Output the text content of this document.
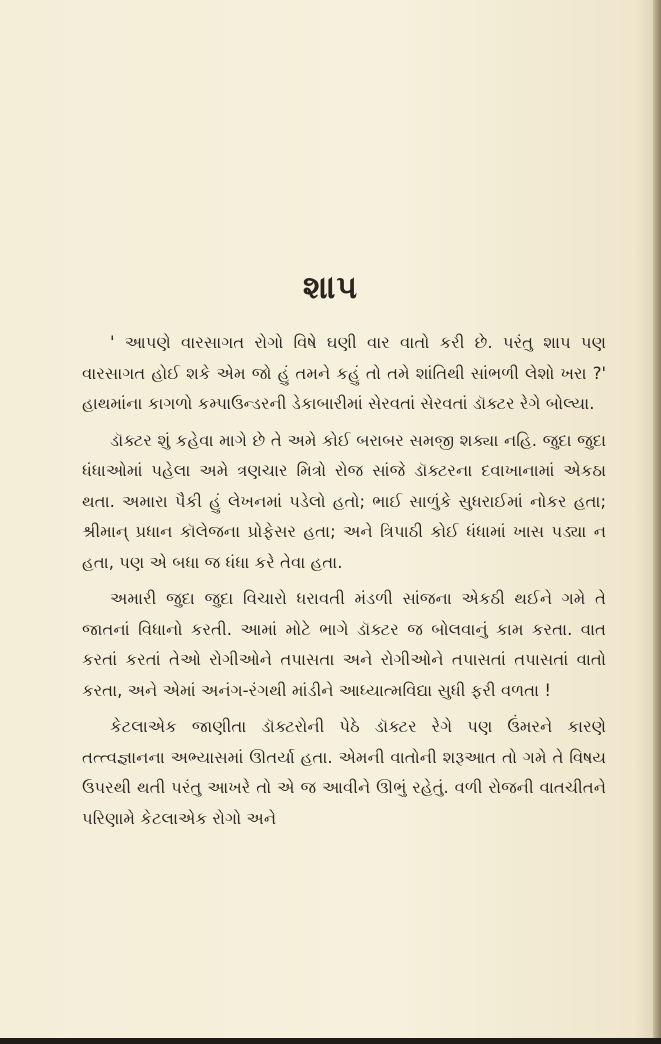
શાપ

' આપણે વારસાગત રોગો વિષે ઘણી વાર વાતો કરી છે. પરંતુ શાપ પણ વારસાગત હોઈ શકે એમ જો હું તમને કહું તો તમે શાંતિથી સાંભળી લેશો ખરા ?' હાથમાંના કાગળો કમ્પાઉન્ડરની ડેકાબારીમાં સેરવતાં સેરવતાં ડૉક્ટર રેગે બોલ્યા.

ડૉક્ટર શું કહેવા માગે છે તે અમે કોઈ બરાબર સમજી શક્યા નહિ. જુદા જુદા ધંધાઓમાં પહેલા અમે ત્રણચાર મિત્રો રોજ સાંજે ડૉક્ટરના દવાખાનામાં એકઠા થતા. અમારા પૈકી હું લેખનમાં પડેલો હતો; ભાઈ સાળુંકે સુધરાઈમાં નોકર હતા; શ્રીમાન્ પ્રધાન કૉલેજના પ્રોફેસર હતા; અને ત્રિપાઠી કોઈ ધંધામાં ખાસ પડ્યા ન હતા, પણ એ બધા જ ધંધા કરે તેવા હતા.

અમારી જુદા જુદા વિચારો ધરાવતી મંડળી સાંજના એકઠી થઈને ગમે તે જાતનાં વિધાનો કરતી. આમાં મોટે ભાગે ડૉક્ટર જ બોલવાનું કામ કરતા. વાત કરતાં કરતાં તેઓ રોગીઓને તપાસતા અને રોગીઓને તપાસતાં તપાસતાં વાતો કરતા, અને એમાં અનંગ-રંગથી માંડીને આધ્યાત્મવિદ્યા સુધી ફરી વળતા !

કેટલાએક જાણીતા ડૉક્ટરોની પેઠે ડૉક્ટર રેગે પણ ઉંમરને કારણે તત્ત્વજ્ઞાનના અભ્યાસમાં ઊતર્યા હતા. એમની વાતોની શરૂઆત તો ગમે તે વિષય ઉપરથી થતી પરંતુ આખરે તો એ જ આવીને ઊભું રહેતું. વળી રોજની વાતચીતને પરિણામે કેટલાએક રોગો અને
